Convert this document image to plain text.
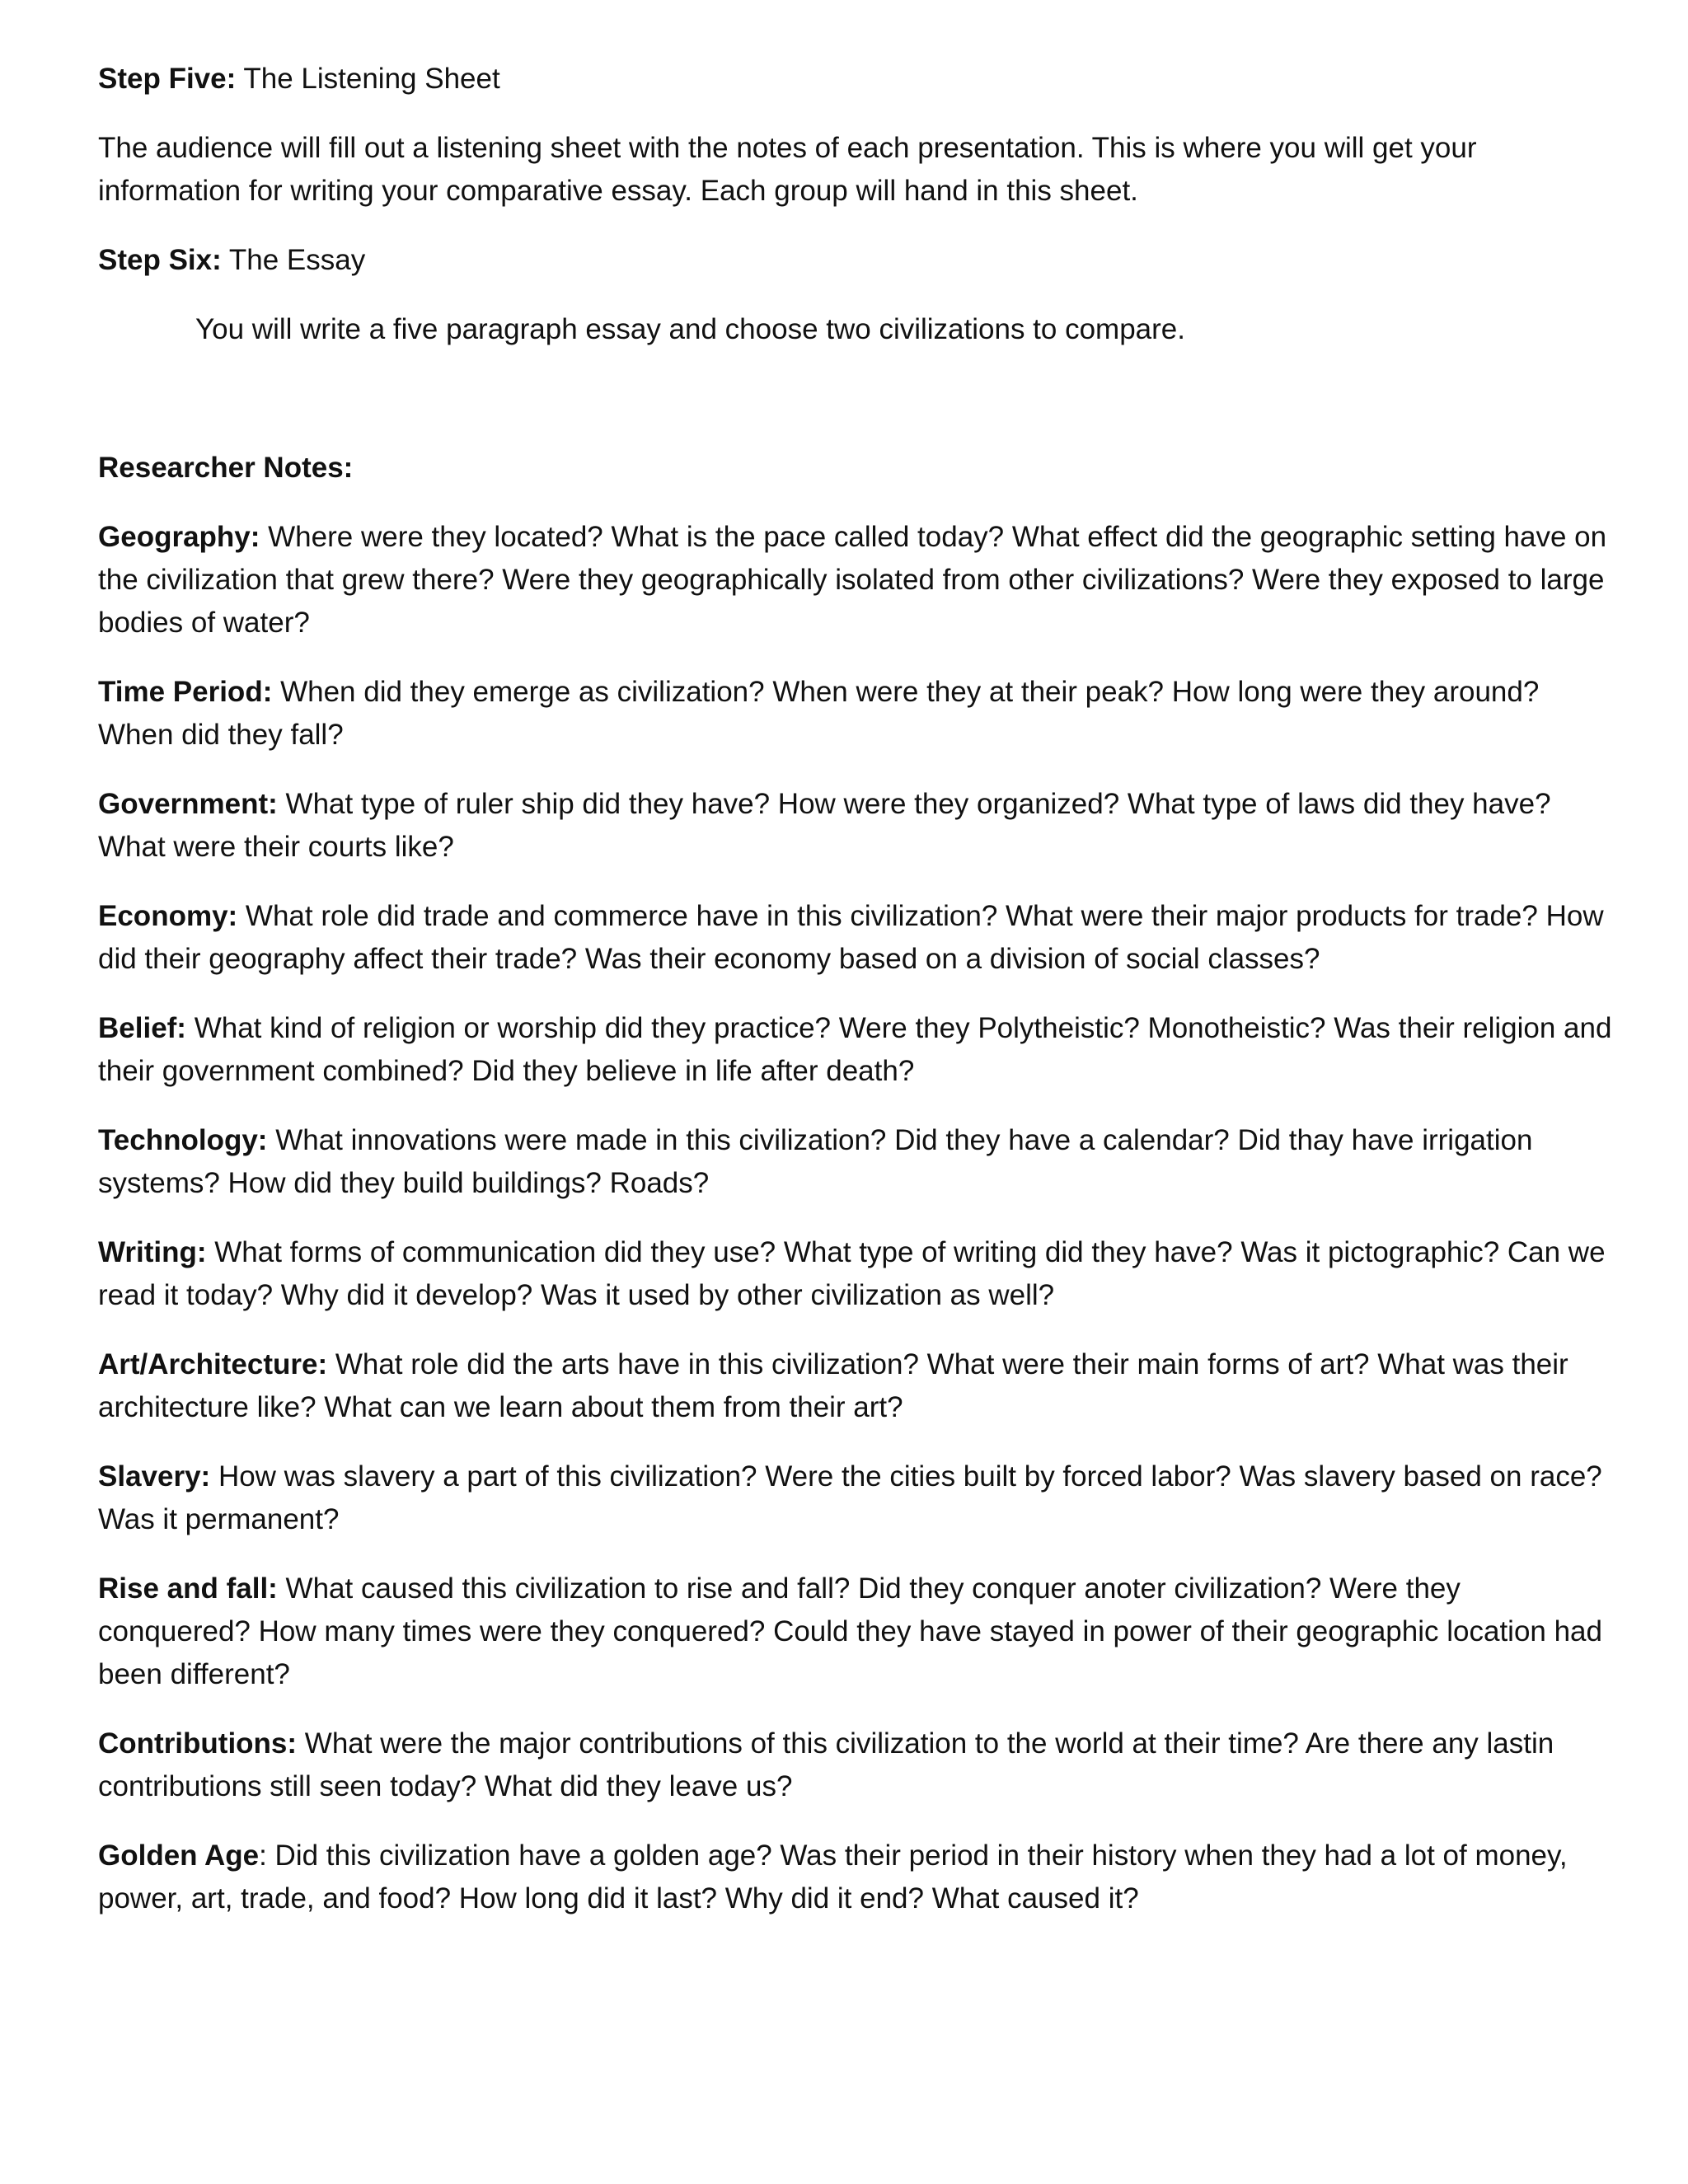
Step Five: The Listening Sheet

The audience will fill out a listening sheet with the notes of each presentation. This is where you will get your information for writing your comparative essay. Each group will hand in this sheet.

Step Six: The Essay

You will write a five paragraph essay and choose two civilizations to compare.

Researcher Notes:

Geography: Where were they located? What is the pace called today? What effect did the geographic setting have on the civilization that grew there? Were they geographically isolated from other civilizations? Were they exposed to large bodies of water?

Time Period: When did they emerge as civilization? When were they at their peak? How long were they around? When did they fall?

Government: What type of ruler ship did they have? How were they organized? What type of laws did they have? What were their courts like?

Economy: What role did trade and commerce have in this civilization? What were their major products for trade? How did their geography affect their trade? Was their economy based on a division of social classes?

Belief: What kind of religion or worship did they practice? Were they Polytheistic? Monotheistic? Was their religion and their government combined? Did they believe in life after death?

Technology: What innovations were made in this civilization? Did they have a calendar? Did thay have irrigation systems? How did they build buildings? Roads?

Writing: What forms of communication did they use? What type of writing did they have? Was it pictographic? Can we read it today? Why did it develop? Was it used by other civilization as well?

Art/Architecture: What role did the arts have in this civilization? What were their main forms of art? What was their architecture like? What can we learn about them from their art?

Slavery: How was slavery a part of this civilization? Were the cities built by forced labor? Was slavery based on race? Was it permanent?

Rise and fall: What caused this civilization to rise and fall? Did they conquer anoter civilization? Were they conquered? How many times were they conquered? Could they have stayed in power of their geographic location had been different?

Contributions: What were the major contributions of this civilization to the world at their time? Are there any lastin contributions still seen today? What did they leave us?

Golden Age: Did this civilization have a golden age? Was their period in their history when they had a lot of money, power, art, trade, and food? How long did it last? Why did it end? What caused it?
